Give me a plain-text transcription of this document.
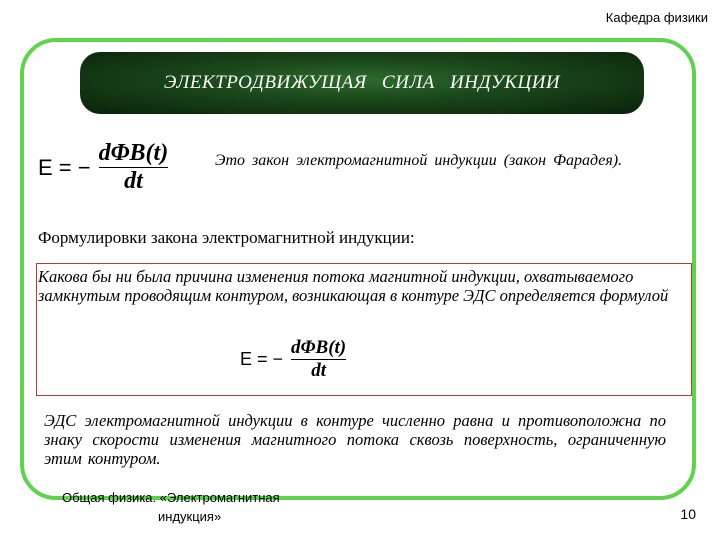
Кафедра физики
ЭЛЕКТРОДВИЖУЩАЯ СИЛА ИНДУКЦИИ
Ε = − $\frac{\text{dΦB(t)}}{dt}$	Это закон электромагнитной индукции (закон Фарадея).
Формулировки закона электромагнитной индукции:
Какова бы ни была причина изменения потока магнитной индукции, охватываемого замкнутым проводящим контуром, возникающая в контуре ЭДС определяется формулой
Ε = − $\frac{\text{dΦB(t)}}{dt}$
ЭДС электромагнитной индукции в контуре численно равна и противоположна по знаку скорости изменения магнитного потока сквозь поверхность, ограниченную этим контуром.
Общая физика. «Электромагнитная
индукция»	10
